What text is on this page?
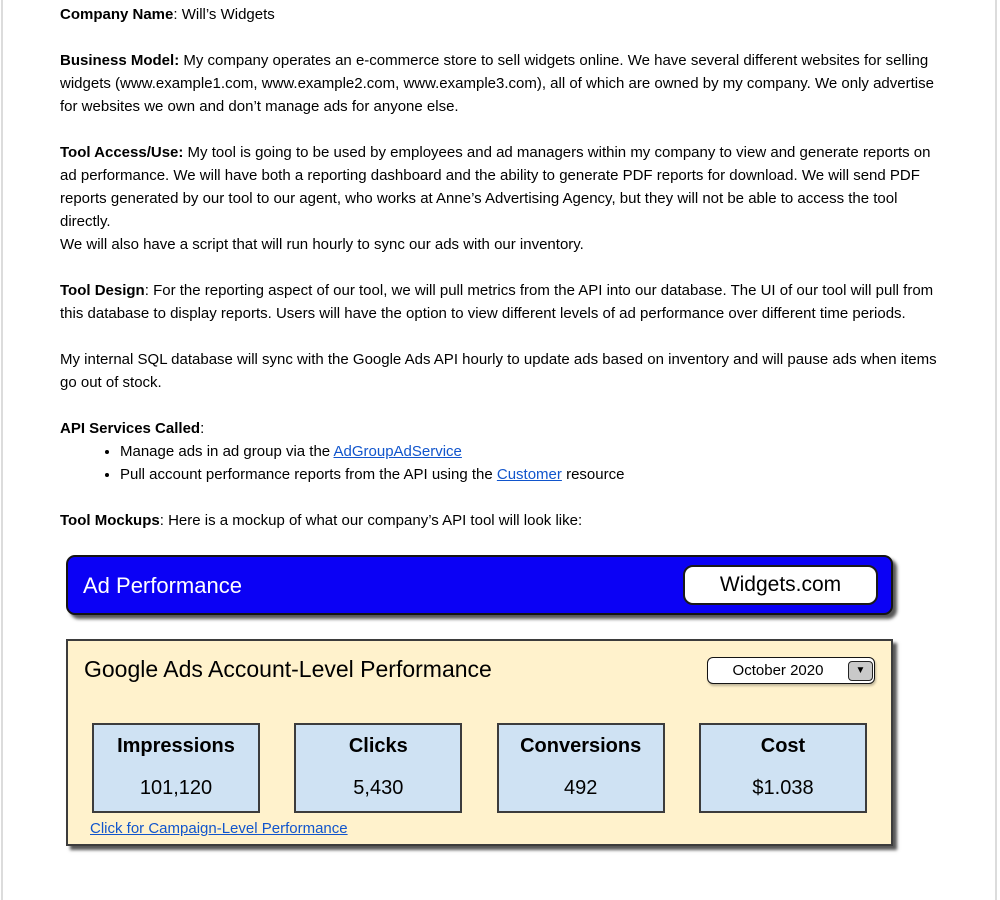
Company Name: Will’s Widgets

Business Model: My company operates an e-commerce store to sell widgets online. We have several different websites for selling widgets (www.example1.com, www.example2.com, www.example3.com), all of which are owned by my company. We only advertise for websites we own and don’t manage ads for anyone else.

Tool Access/Use: My tool is going to be used by employees and ad managers within my company to view and generate reports on ad performance. We will have both a reporting dashboard and the ability to generate PDF reports for download. We will send PDF reports generated by our tool to our agent, who works at Anne’s Advertising Agency, but they will not be able to access the tool directly.
We will also have a script that will run hourly to sync our ads with our inventory.

Tool Design: For the reporting aspect of our tool, we will pull metrics from the API into our database. The UI of our tool will pull from this database to display reports. Users will have the option to view different levels of ad performance over different time periods.

My internal SQL database will sync with the Google Ads API hourly to update ads based on inventory and will pause ads when items go out of stock.

API Services Called:

• Manage ads in ad group via the AdGroupAdService
• Pull account performance reports from the API using the Customer resource

Tool Mockups: Here is a mockup of what our company’s API tool will look like:

Ad Performance	Widgets.com
Google Ads Account-Level Performance	October 2020	▼
Impressions
101,120
Clicks
5,430
Conversions
492
Cost
$1.038
Click for Campaign-Level Performance
